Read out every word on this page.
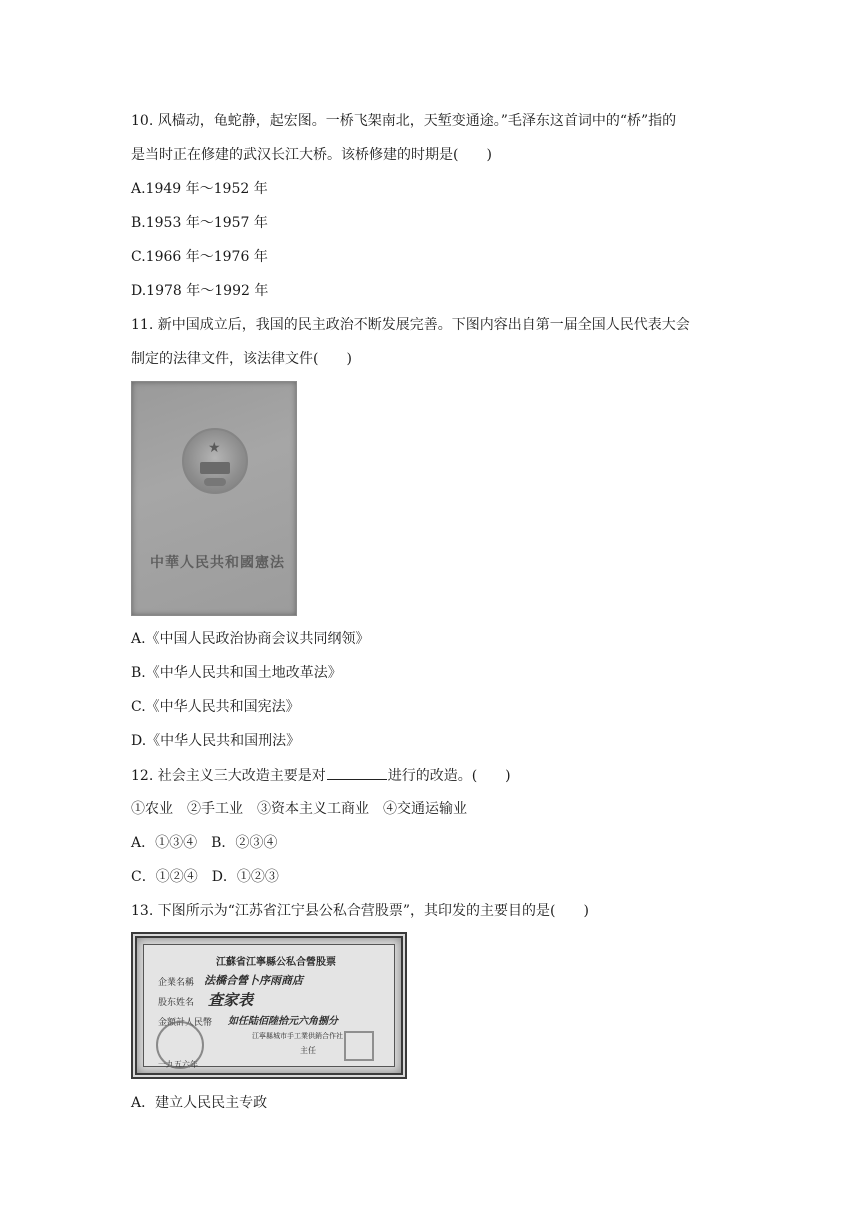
10. 风樯动，龟蛇静，起宏图。一桥飞架南北，天堑变通途。”毛泽东这首词中的“桥”指的
是当时正在修建的武汉长江大桥。该桥修建的时期是(　　)
A.1949 年～1952 年
B.1953 年～1957 年
C.1966 年～1976 年
D.1978 年～1992 年
11. 新中国成立后，我国的民主政治不断发展完善。下图内容出自第一届全国人民代表大会
制定的法律文件，该法律文件(　　)
★
中華人民共和國憲法
A.《中国人民政治协商会议共同纲领》
B.《中华人民共和国土地改革法》
C.《中华人民共和国宪法》
D.《中华人民共和国刑法》
12. 社会主义三大改造主要是对	进行的改造。(　　)
①农业　②手工业　③资本主义工商业　④交通运输业
A．①③④　B．②③④
C．①②④　D．①②③
13. 下图所示为“江苏省江宁县公私合营股票”，其印发的主要目的是(　　)
江蘇省江寧縣公私合營股票
企業名稱 法橋合營卜序雨商店
股东姓名 查家表
金額計人民幣 如任陆佰陸拾元六角捌分
江寧縣城市手工業供銷合作社
主任
一九五六年
A．建立人民民主专政
